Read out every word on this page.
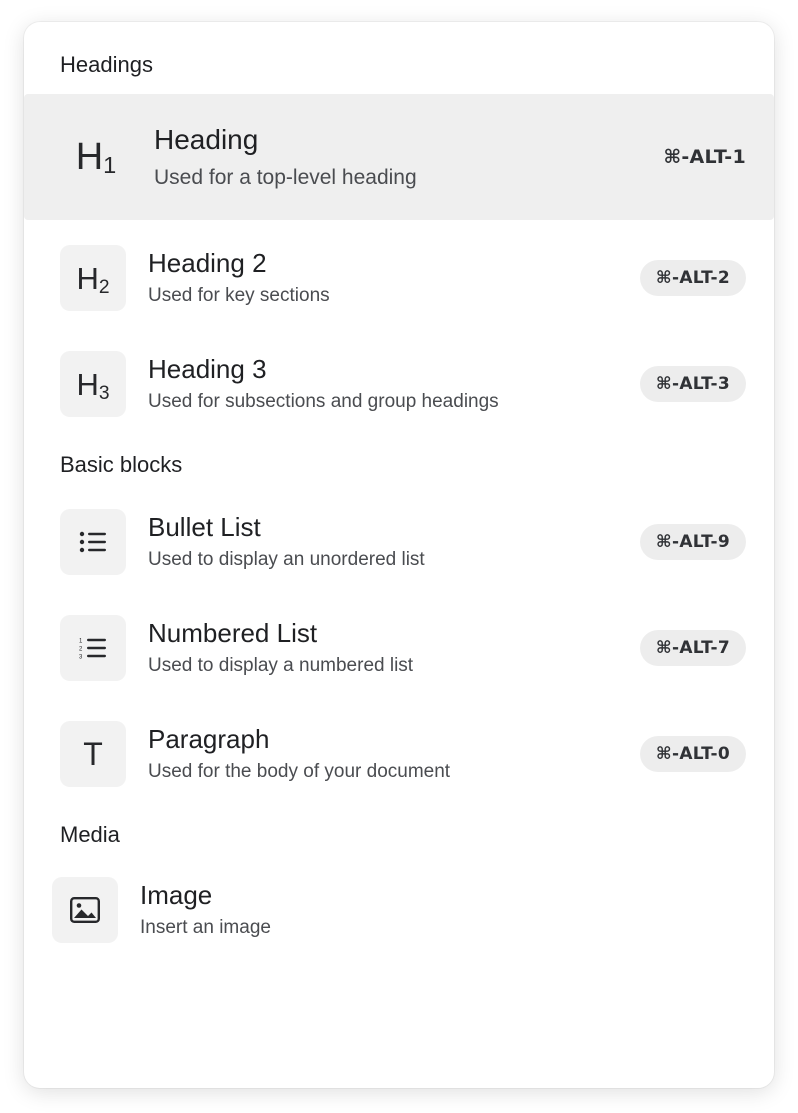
Headings
$H_1$
Heading
Used for a top-level heading
⌘-ALT-1
$H_2$
Heading 2
Used for key sections
⌘-ALT-2
$H_3$
Heading 3
Used for subsections and group headings
⌘-ALT-3
Basic blocks
Bullet List
Used to display an unordered list
⌘-ALT-9
1
2
3
Numbered List
Used to display a numbered list
⌘-ALT-7
T Paragraph
Used for the body of your document
⌘-ALT-0
Media
Image
Insert an image
